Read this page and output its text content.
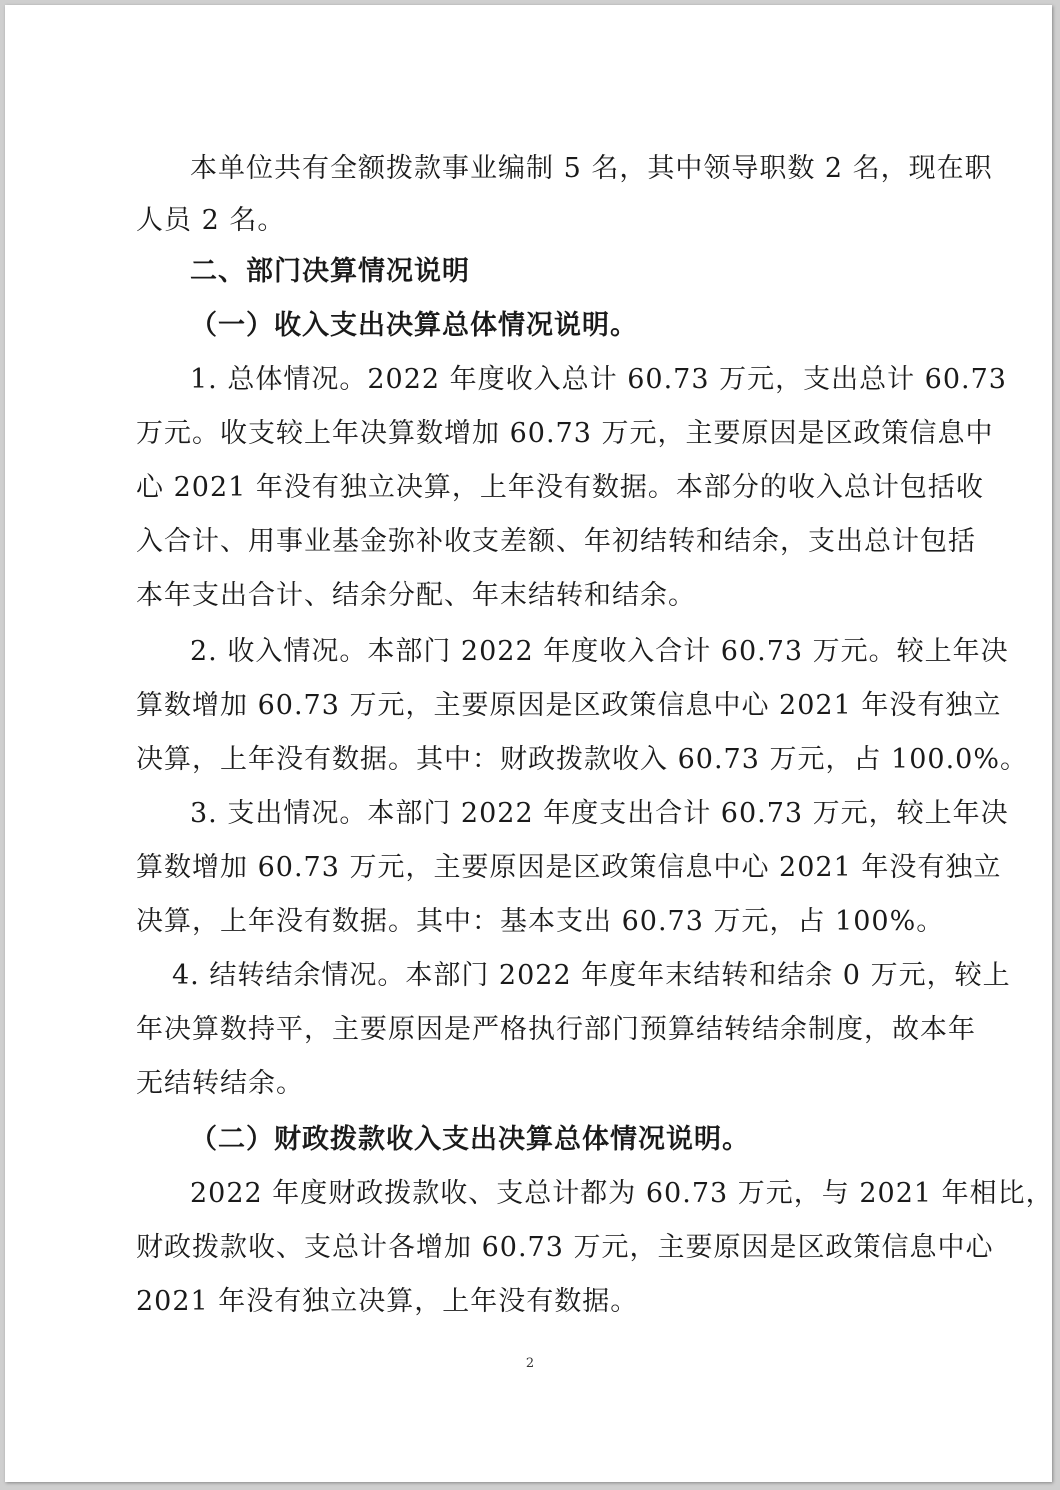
本单位共有全额拨款事业编制 5 名，其中领导职数 2 名，现在职
人员 2 名。
二、部门决算情况说明
（一）收入支出决算总体情况说明。
1. 总体情况。2022 年度收入总计 60.73 万元，支出总计 60.73
万元。收支较上年决算数增加 60.73 万元，主要原因是区政策信息中
心 2021 年没有独立决算，上年没有数据。本部分的收入总计包括收
入合计、用事业基金弥补收支差额、年初结转和结余，支出总计包括
本年支出合计、结余分配、年末结转和结余。
2. 收入情况。本部门 2022 年度收入合计 60.73 万元。较上年决
算数增加 60.73 万元，主要原因是区政策信息中心 2021 年没有独立
决算，上年没有数据。其中：财政拨款收入 60.73 万元，占 100.0%。
3. 支出情况。本部门 2022 年度支出合计 60.73 万元，较上年决
算数增加 60.73 万元，主要原因是区政策信息中心 2021 年没有独立
决算，上年没有数据。其中：基本支出 60.73 万元，占 100%。
4. 结转结余情况。本部门 2022 年度年末结转和结余 0 万元，较上
年决算数持平，主要原因是严格执行部门预算结转结余制度，故本年
无结转结余。
（二）财政拨款收入支出决算总体情况说明。
2022 年度财政拨款收、支总计都为 60.73 万元，与 2021 年相比，
财政拨款收、支总计各增加 60.73 万元，主要原因是区政策信息中心
2021 年没有独立决算，上年没有数据。
2
